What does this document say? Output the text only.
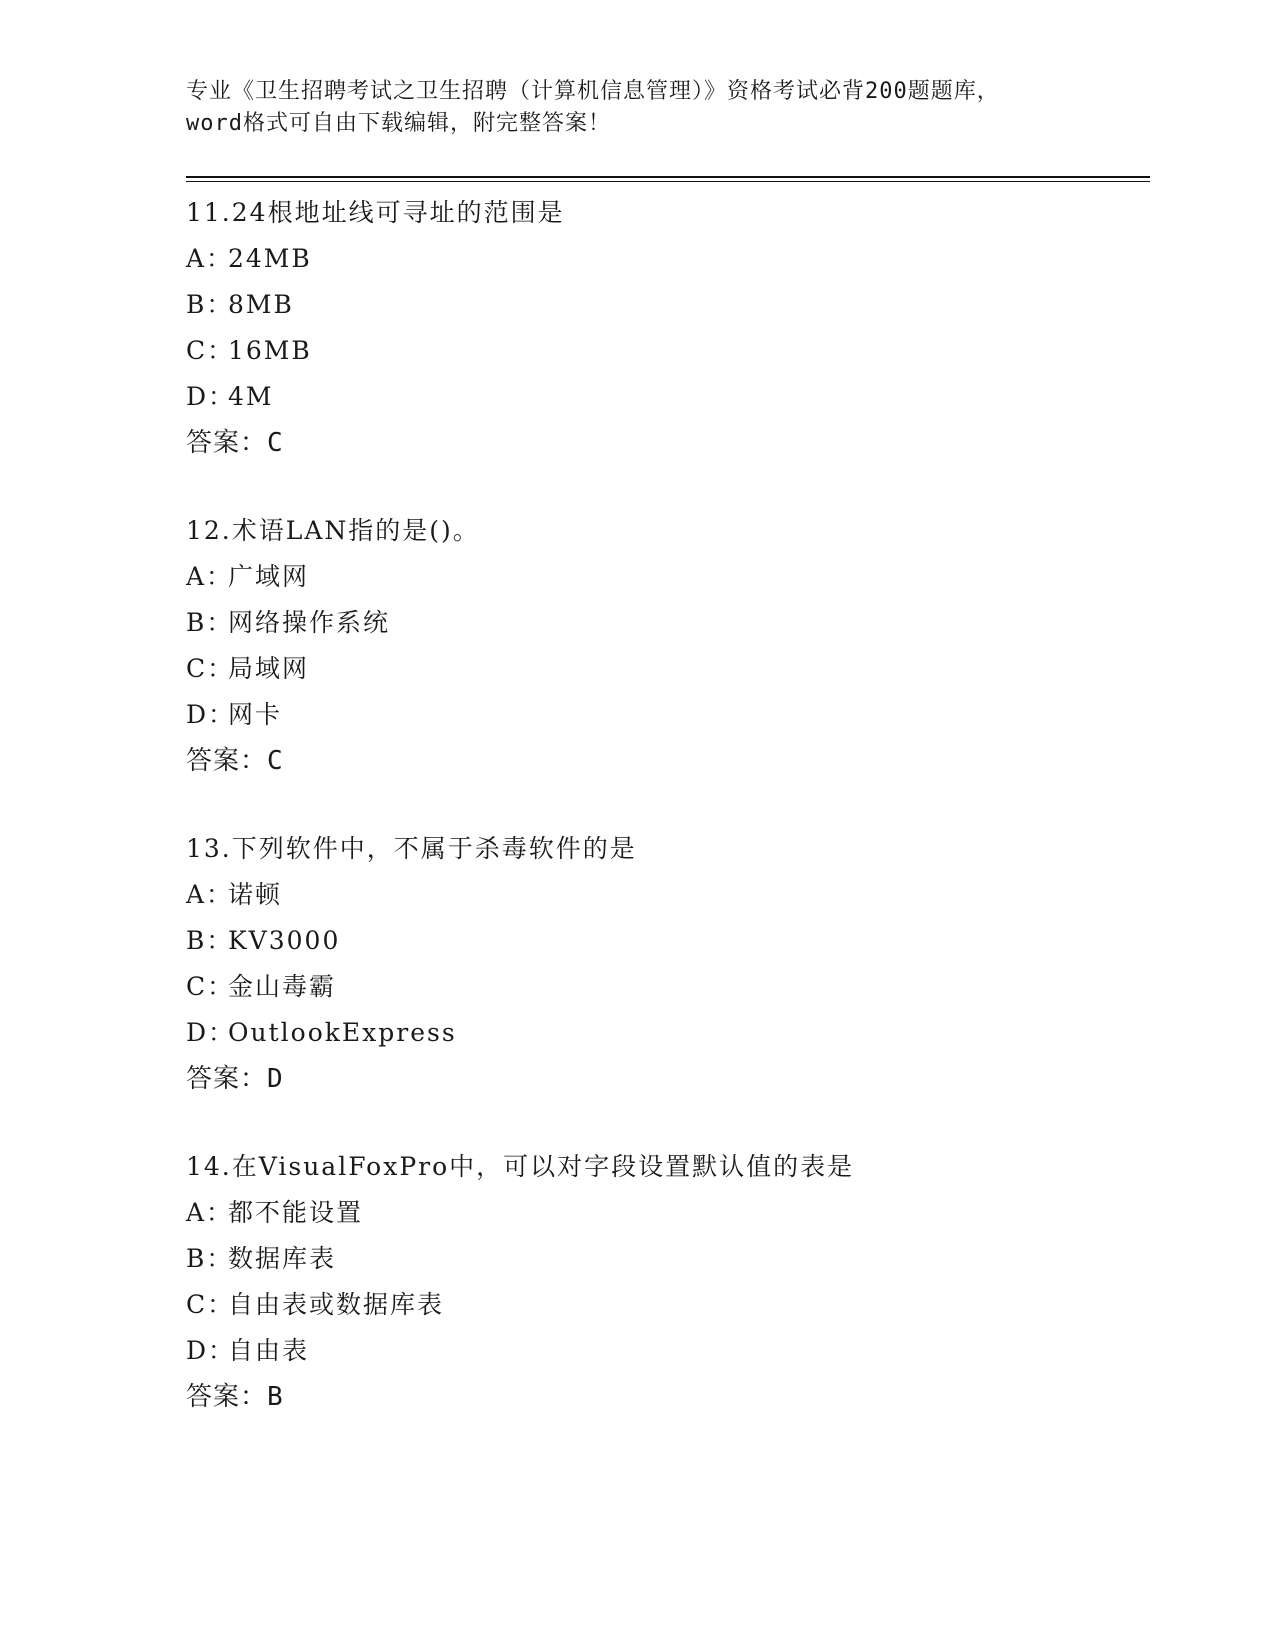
专业《卫生招聘考试之卫生招聘（计算机信息管理）》资格考试必背200题题库，
word格式可自由下载编辑，附完整答案！
11.24根地址线可寻址的范围是
A：24MB
B：8MB
C：16MB
D：4M
答案：C
12.术语LAN指的是()。
A：广域网
B：网络操作系统
C：局域网
D：网卡
答案：C
13.下列软件中，不属于杀毒软件的是
A：诺顿
B：KV3000
C：金山毒霸
D：OutlookExpress
答案：D
14.在VisualFoxPro中，可以对字段设置默认值的表是
A：都不能设置
B：数据库表
C：自由表或数据库表
D：自由表
答案：B
